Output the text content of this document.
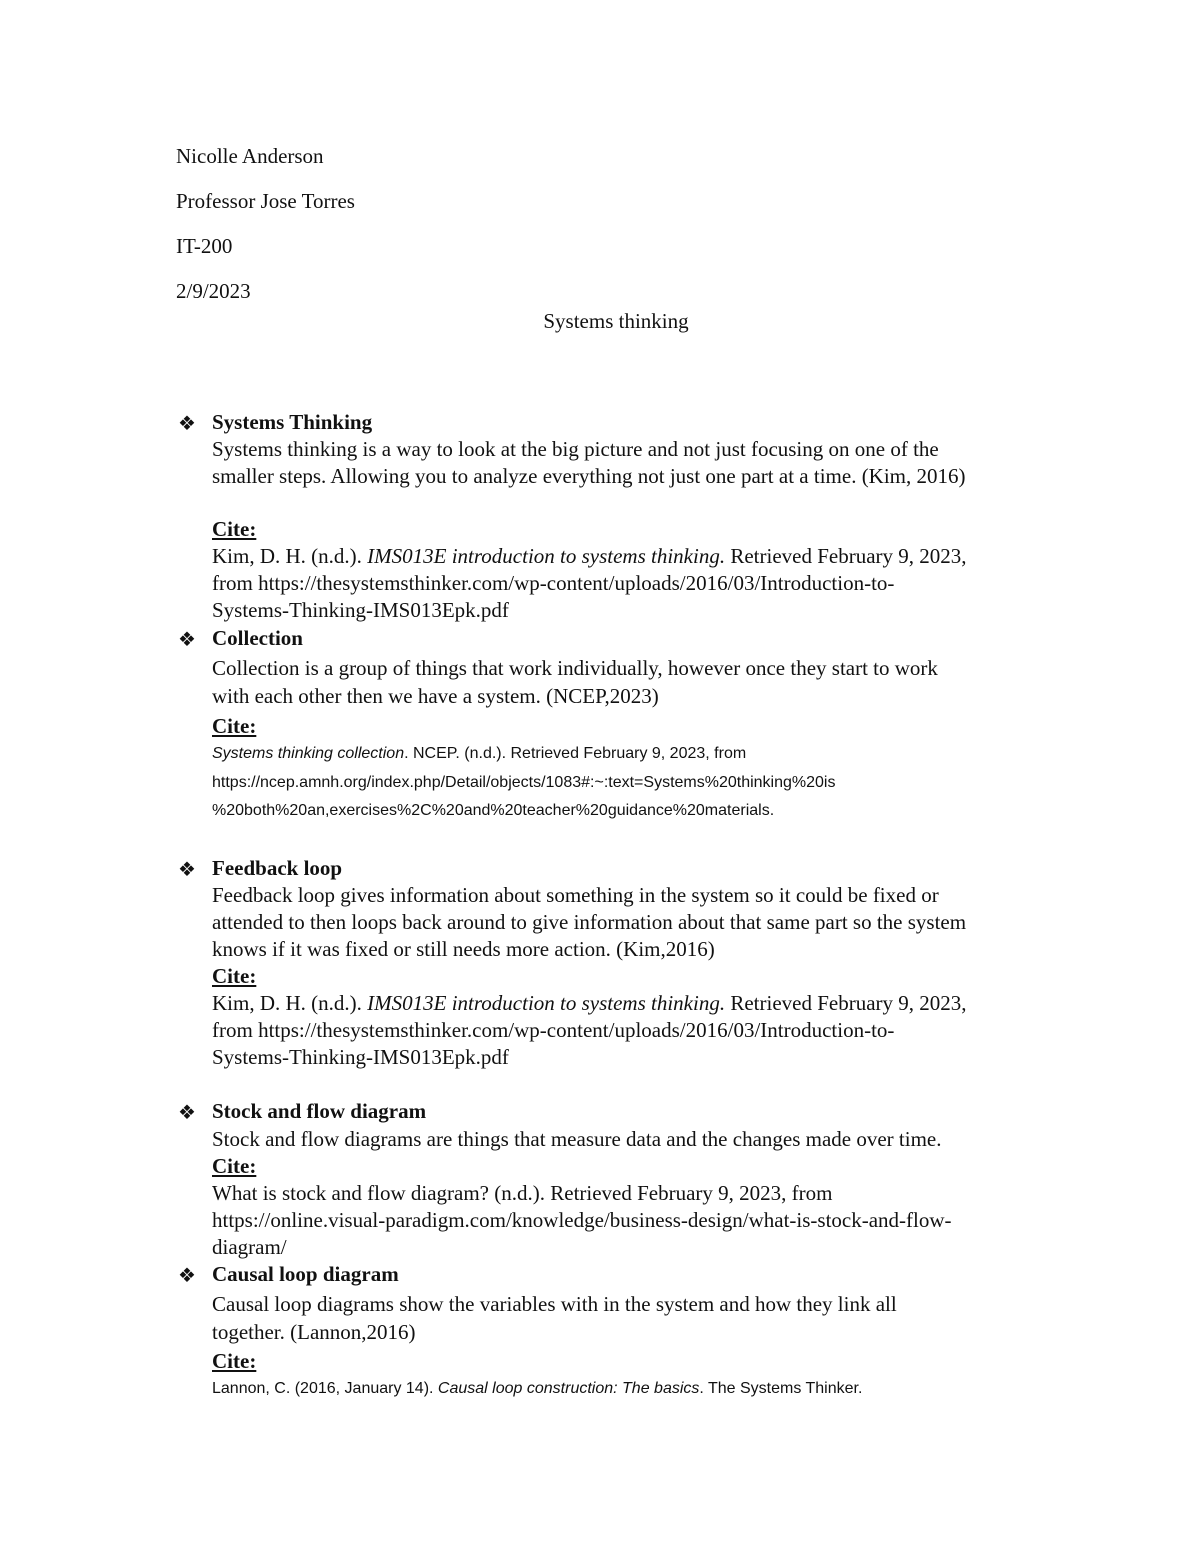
Nicolle Anderson
Professor Jose Torres
IT-200
2/9/2023
Systems thinking
❖ Systems Thinking
Systems thinking is a way to look at the big picture and not just focusing on one of the
smaller steps. Allowing you to analyze everything not just one part at a time. (Kim, 2016)
Cite:
Kim, D. H. (n.d.). IMS013E introduction to systems thinking. Retrieved February 9, 2023,
from https://thesystemsthinker.com/wp-content/uploads/2016/03/Introduction-to-
Systems-Thinking-IMS013Epk.pdf
❖ Collection
Collection is a group of things that work individually, however once they start to work
with each other then we have a system. (NCEP,2023)
Cite:
Systems thinking collection. NCEP. (n.d.). Retrieved February 9, 2023, from
https://ncep.amnh.org/index.php/Detail/objects/1083#:~:text=Systems%20thinking%20is
%20both%20an,exercises%2C%20and%20teacher%20guidance%20materials.
❖ Feedback loop
Feedback loop gives information about something in the system so it could be fixed or
attended to then loops back around to give information about that same part so the system
knows if it was fixed or still needs more action. (Kim,2016)
Cite:
Kim, D. H. (n.d.). IMS013E introduction to systems thinking. Retrieved February 9, 2023,
from https://thesystemsthinker.com/wp-content/uploads/2016/03/Introduction-to-
Systems-Thinking-IMS013Epk.pdf
❖ Stock and flow diagram
Stock and flow diagrams are things that measure data and the changes made over time.
Cite:
What is stock and flow diagram? (n.d.). Retrieved February 9, 2023, from
https://online.visual-paradigm.com/knowledge/business-design/what-is-stock-and-flow-
diagram/
❖ Causal loop diagram
Causal loop diagrams show the variables with in the system and how they link all
together. (Lannon,2016)
Cite:
Lannon, C. (2016, January 14). Causal loop construction: The basics. The Systems Thinker.
